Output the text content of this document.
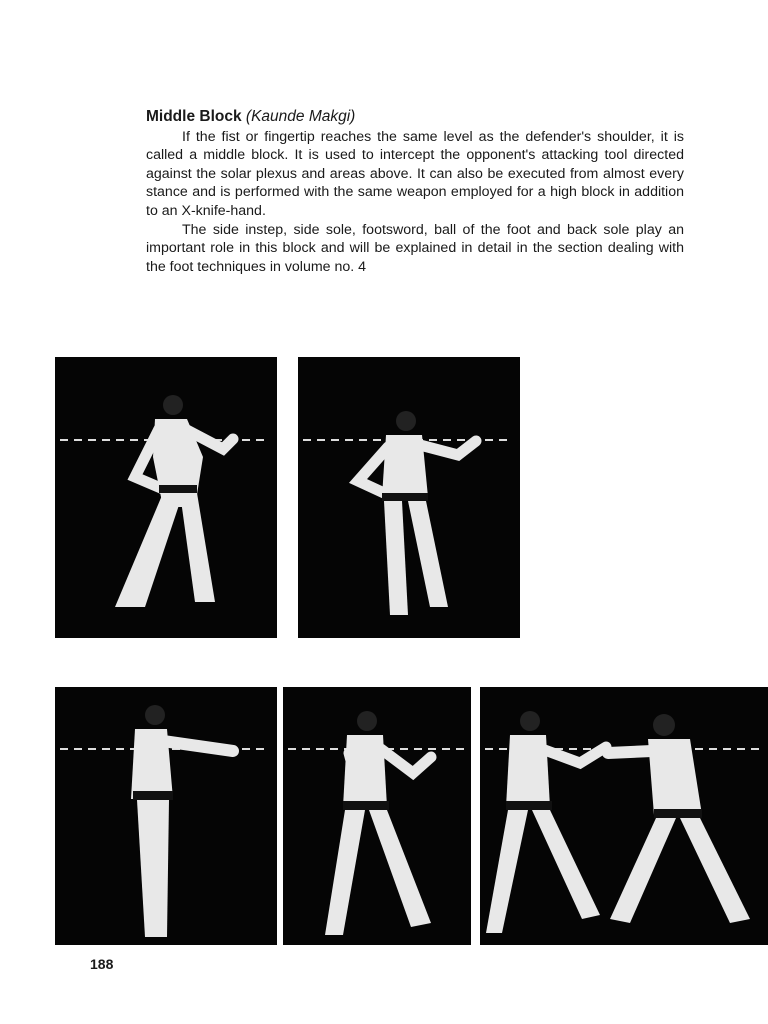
Middle Block (Kaunde Makgi)

If the fist or fingertip reaches the same level as the defender's shoulder, it is called a middle block. It is used to intercept the opponent's attacking tool directed against the solar plexus and areas above. It can also be executed from almost every stance and is performed with the same weapon employed for a high block in addition to an X-knife-hand.

The side instep, side sole, footsword, ball of the foot and back sole play an important role in this block and will be explained in detail in the section dealing with the foot techniques in volume no. 4

188
